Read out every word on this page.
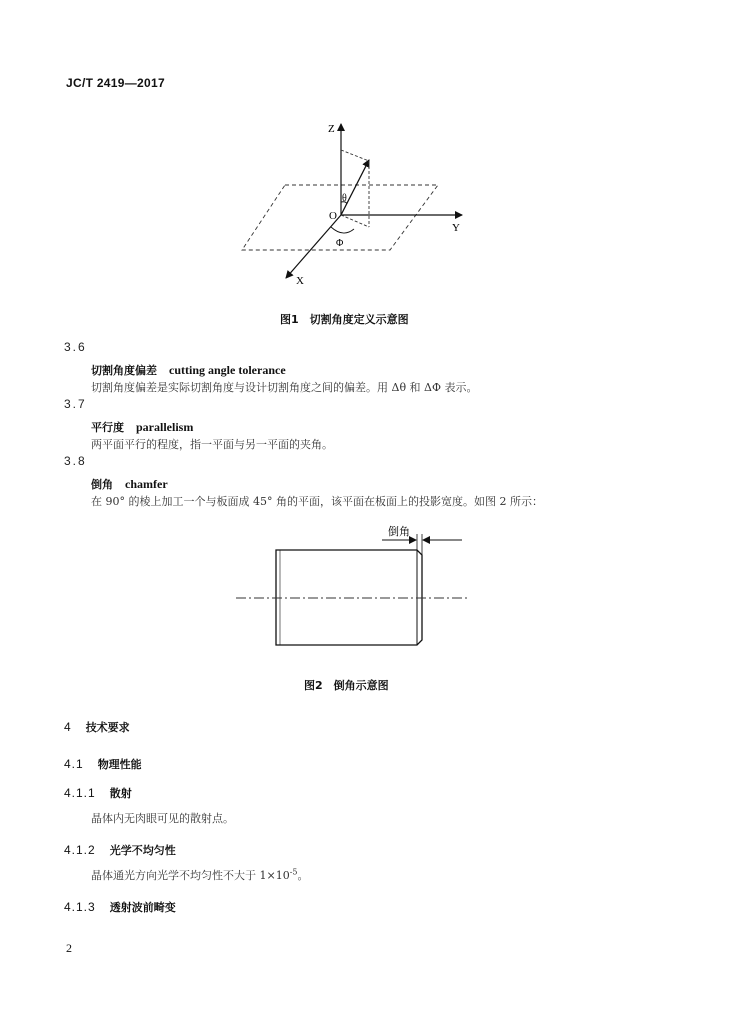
JC/T 2419—2017
Z
Y
X
O
θ
Φ
图1　切割角度定义示意图
3.6
切割角度偏差 cutting angle tolerance
切割角度偏差是实际切割角度与设计切割角度之间的偏差。用 Δθ 和 ΔΦ 表示。
3.7
平行度 parallelism
两平面平行的程度，指一平面与另一平面的夹角。
3.8
倒角 chamfer
在 90° 的棱上加工一个与板面成 45° 角的平面，该平面在板面上的投影宽度。如图 2 所示：
倒角
图2　倒角示意图
4 技术要求
4.1 物理性能
4.1.1 散射
晶体内无肉眼可见的散射点。
4.1.2 光学不均匀性
晶体通光方向光学不均匀性不大于 $1\times 10^{-5}$。
4.1.3 透射波前畸变
2
